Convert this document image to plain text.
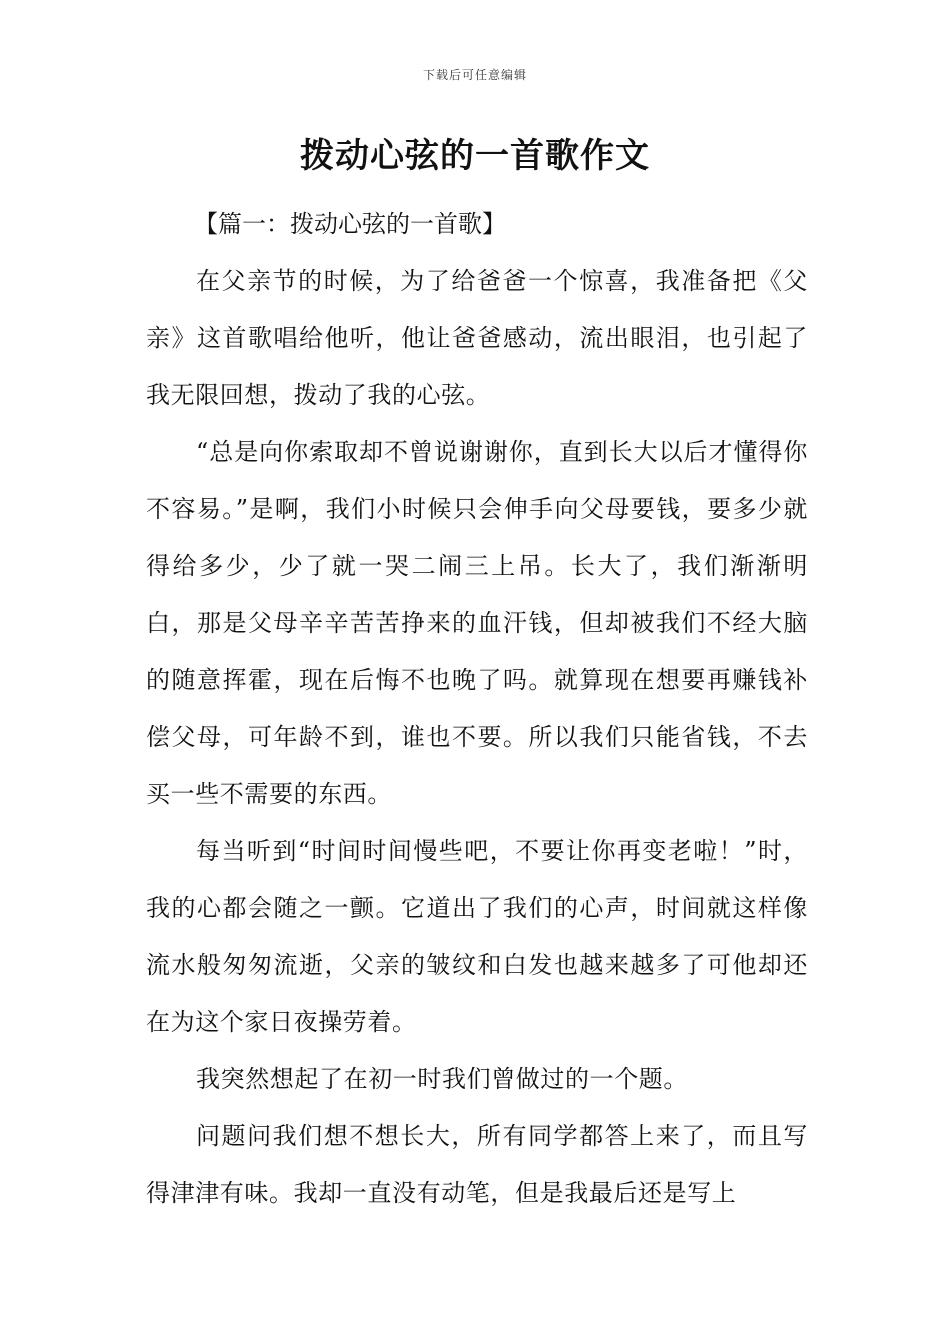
下载后可任意编辑
拨动心弦的一首歌作文

【篇一：拨动心弦的一首歌】

在父亲节的时候，为了给爸爸一个惊喜，我准备把《父亲》这首歌唱给他听，他让爸爸感动，流出眼泪，也引起了我无限回想，拨动了我的心弦。

“总是向你索取却不曾说谢谢你，直到长大以后才懂得你不容易。”是啊，我们小时候只会伸手向父母要钱，要多少就得给多少，少了就一哭二闹三上吊。长大了，我们渐渐明白，那是父母辛辛苦苦挣来的血汗钱，但却被我们不经大脑的随意挥霍，现在后悔不也晚了吗。就算现在想要再赚钱补偿父母，可年龄不到，谁也不要。所以我们只能省钱，不去买一些不需要的东西。

每当听到“时间时间慢些吧，不要让你再变老啦！”时，我的心都会随之一颤。它道出了我们的心声，时间就这样像流水般匆匆流逝，父亲的皱纹和白发也越来越多了可他却还在为这个家日夜操劳着。

我突然想起了在初一时我们曾做过的一个题。

问题问我们想不想长大，所有同学都答上来了，而且写得津津有味。我却一直没有动笔，但是我最后还是写上
